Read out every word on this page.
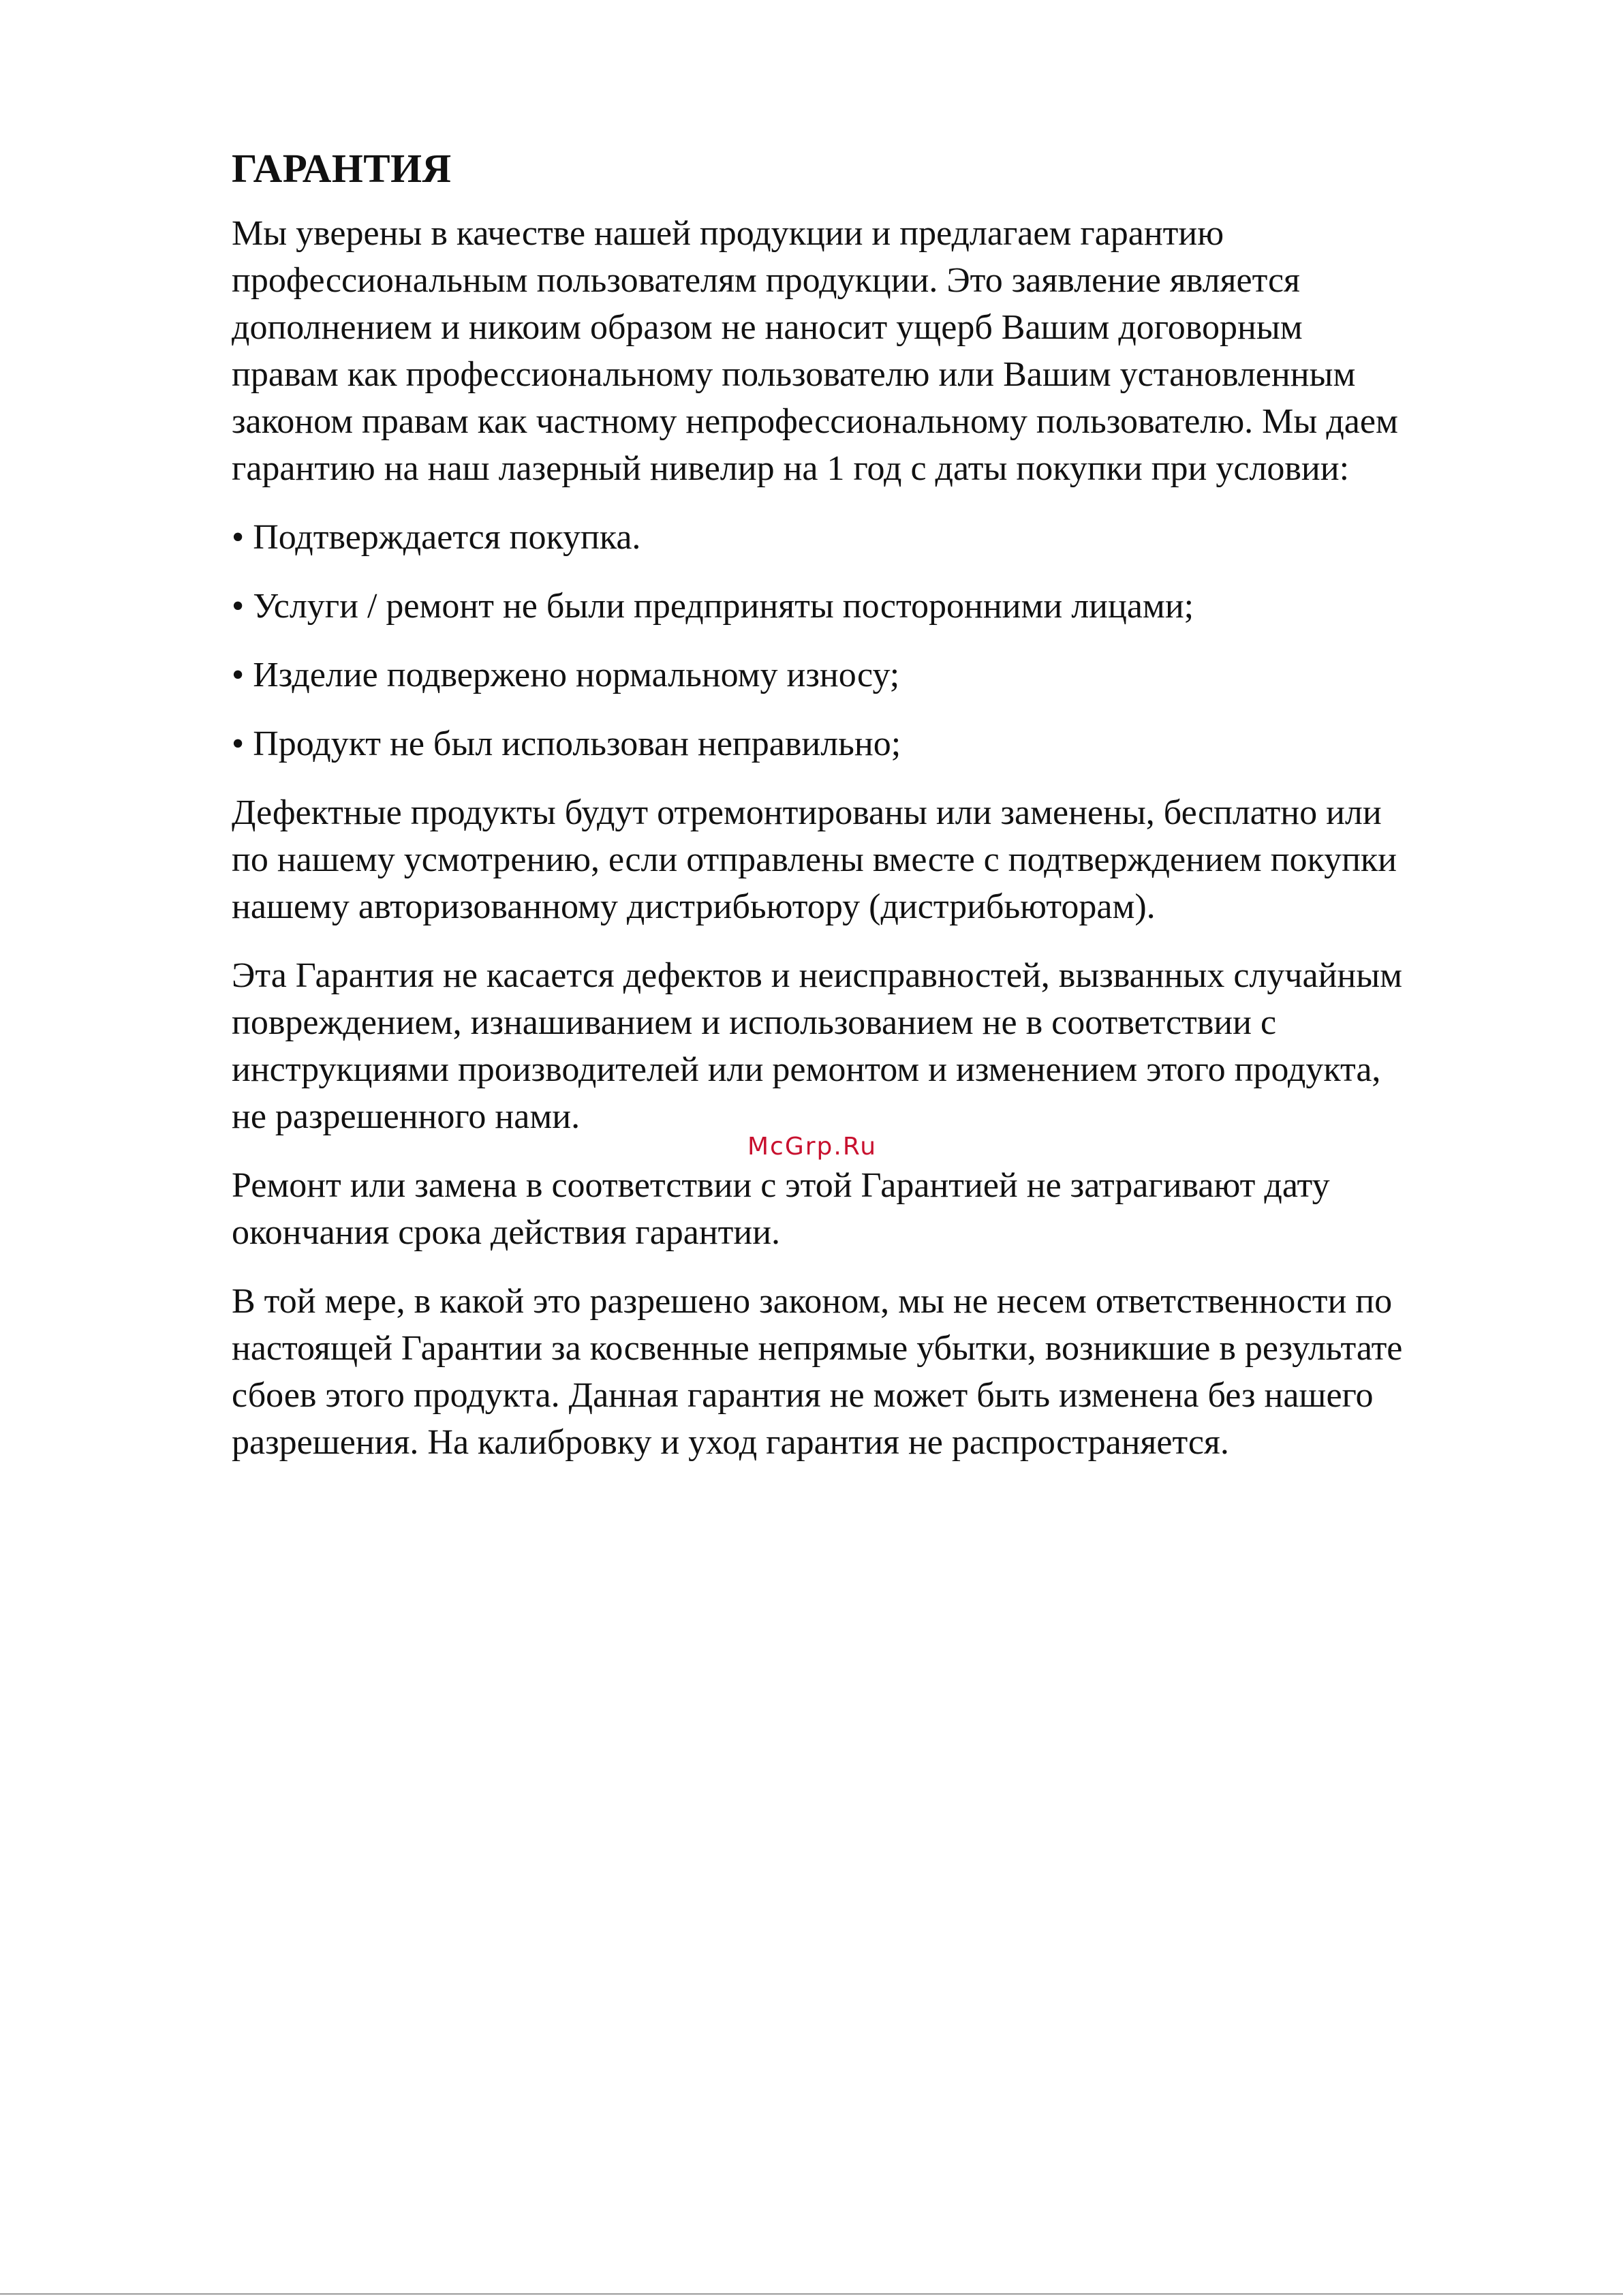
ГАРАНТИЯ

Мы уверены в качестве нашей продукции и предлагаем гарантию
профессиональным пользователям продукции. Это заявление является
дополнением и никоим образом не наносит ущерб Вашим договорным
правам как профессиональному пользователю или Вашим установленным
законом правам как частному непрофессиональному пользователю. Мы даем
гарантию на наш лазерный нивелир на 1 год с даты покупки при условии:

• Подтверждается покупка.

• Услуги / ремонт не были предприняты посторонними лицами;

• Изделие подвержено нормальному износу;

• Продукт не был использован неправильно;

Дефектные продукты будут отремонтированы или заменены, бесплатно или
по нашему усмотрению, если отправлены вместе с подтверждением покупки
нашему авторизованному дистрибьютору (дистрибьюторам).

Эта Гарантия не касается дефектов и неисправностей, вызванных случайным
повреждением, изнашиванием и использованием не в соответствии с
инструкциями производителей или ремонтом и изменением этого продукта,
не разрешенного нами.

Ремонт или замена в соответствии с этой Гарантией не затрагивают дату
окончания срока действия гарантии.

В той мере, в какой это разрешено законом, мы не несем ответственности по
настоящей Гарантии за косвенные непрямые убытки, возникшие в результате
сбоев этого продукта. Данная гарантия не может быть изменена без нашего
разрешения. На калибровку и уход гарантия не распространяется.

McGrp.Ru
